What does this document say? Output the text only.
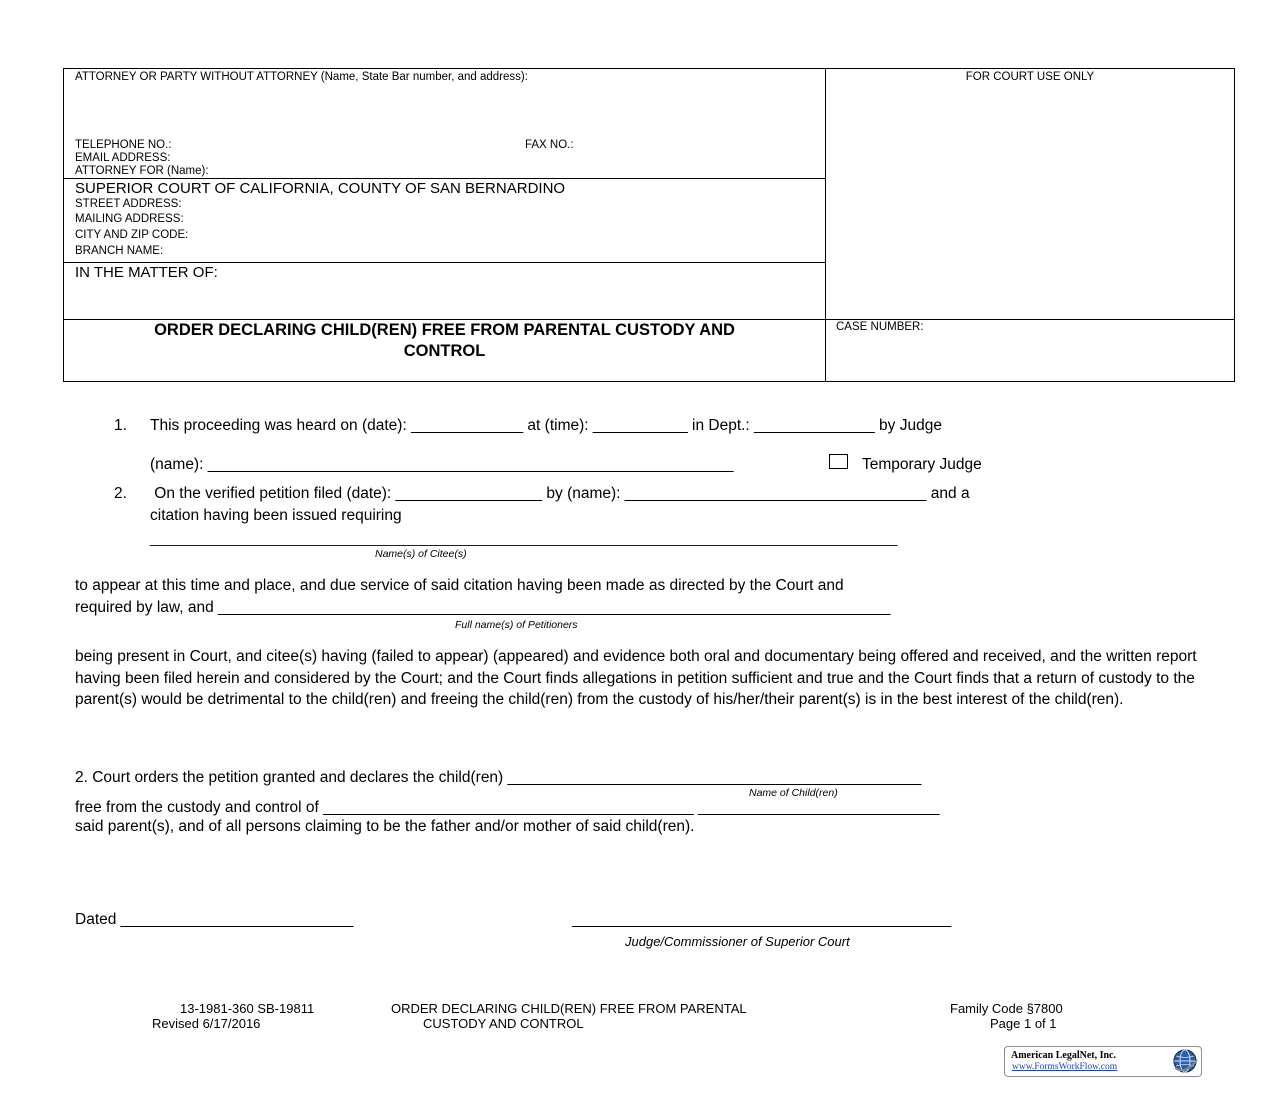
ATTORNEY OR PARTY WITHOUT ATTORNEY (Name, State Bar number, and address):	FOR COURT USE ONLY
TELEPHONE NO.:	FAX NO.:
EMAIL ADDRESS:
ATTORNEY FOR (Name):
SUPERIOR COURT OF CALIFORNIA, COUNTY OF SAN BERNARDINO
STREET ADDRESS:
MAILING ADDRESS:
CITY AND ZIP CODE:
BRANCH NAME:
IN THE MATTER OF:
ORDER DECLARING CHILD(REN) FREE FROM PARENTAL CUSTODY AND
CONTROL
CASE NUMBER:
1. This proceeding was heard on (date): _____________ at (time): ___________ in Dept.: ______________ by Judge
(name): _____________________________________________________________	Temporary Judge
2. On the verified petition filed (date): _________________ by (name): ___________________________________ and a
citation having been issued requiring
________________________________________________________________________________________________
Name(s) of Citee(s)
to appear at this time and place, and due service of said citation having been made as directed by the Court and
required by law, and ______________________________________________________________________________
Full name(s) of Petitioners
being present in Court, and citee(s) having (failed to appear) (appeared) and evidence both oral and documentary being offered and received, and the written report having been filed herein and considered by the Court; and the Court finds allegations in petition sufficient and true and the Court finds that a return of custody to the parent(s) would be detrimental to the child(ren) and freeing the child(ren) from the custody of his/her/their parent(s) is in the best interest of the child(ren).
2. Court orders the petition granted and declares the child(ren) ________________________________________________
Name of Child(ren)
free from the custody and control of ___________________________________________ ____________________________
said parent(s), and of all persons claiming to be the father and/or mother of said child(ren).
Dated ___________________________	____________________________________________
Judge/Commissioner of Superior Court
13-1981-360 SB-19811
Revised 6/17/2016
ORDER DECLARING CHILD(REN) FREE FROM PARENTAL
CUSTODY AND CONTROL
Family Code §7800
Page 1 of 1
American LegalNet, Inc.
www.FormsWorkFlow.com
